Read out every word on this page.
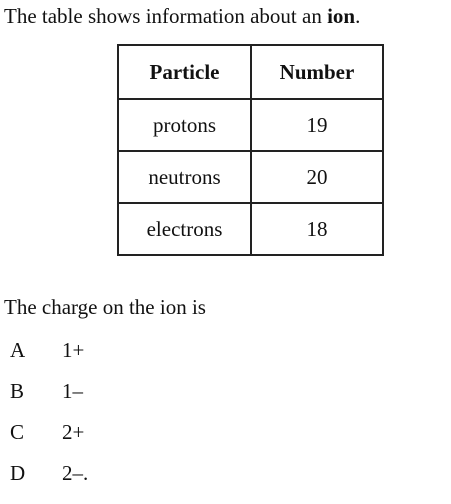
The table shows information about an ion.
Particle	Number
protons	19
neutrons	20
electrons	18
The charge on the ion is
A 1+
B 1–
C 2+
D 2–.
